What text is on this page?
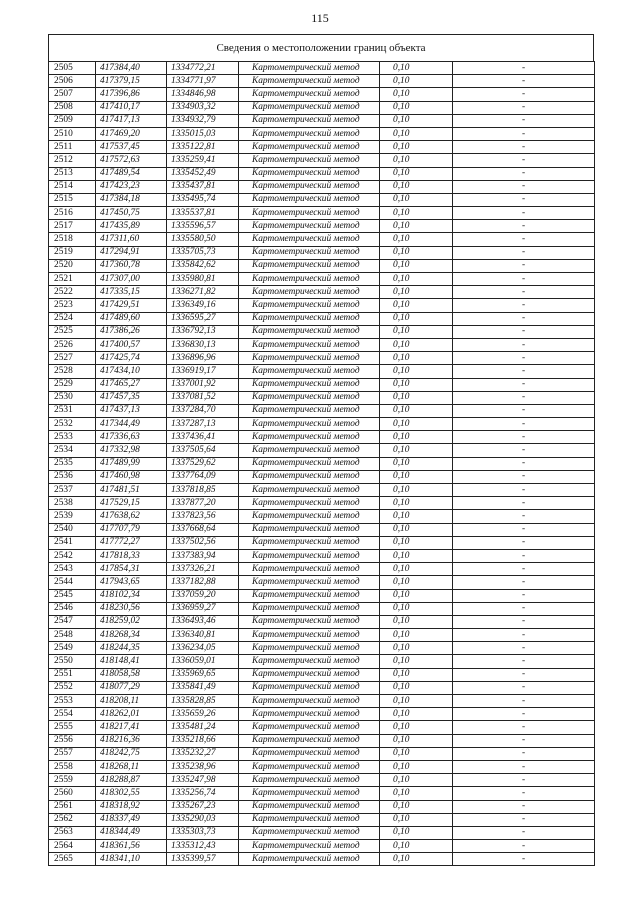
115
Сведения о местоположении границ объекта
2505	417384,40	1334772,21	Картометрический метод	0,10	-
2506	417379,15	1334771,97	Картометрический метод	0,10	-
2507	417396,86	1334846,98	Картометрический метод	0,10	-
2508	417410,17	1334903,32	Картометрический метод	0,10	-
2509	417417,13	1334932,79	Картометрический метод	0,10	-
2510	417469,20	1335015,03	Картометрический метод	0,10	-
2511	417537,45	1335122,81	Картометрический метод	0,10	-
2512	417572,63	1335259,41	Картометрический метод	0,10	-
2513	417489,54	1335452,49	Картометрический метод	0,10	-
2514	417423,23	1335437,81	Картометрический метод	0,10	-
2515	417384,18	1335495,74	Картометрический метод	0,10	-
2516	417450,75	1335537,81	Картометрический метод	0,10	-
2517	417435,89	1335596,57	Картометрический метод	0,10	-
2518	417311,60	1335580,50	Картометрический метод	0,10	-
2519	417294,91	1335705,73	Картометрический метод	0,10	-
2520	417360,78	1335842,62	Картометрический метод	0,10	-
2521	417307,00	1335980,81	Картометрический метод	0,10	-
2522	417335,15	1336271,82	Картометрический метод	0,10	-
2523	417429,51	1336349,16	Картометрический метод	0,10	-
2524	417489,60	1336595,27	Картометрический метод	0,10	-
2525	417386,26	1336792,13	Картометрический метод	0,10	-
2526	417400,57	1336830,13	Картометрический метод	0,10	-
2527	417425,74	1336896,96	Картометрический метод	0,10	-
2528	417434,10	1336919,17	Картометрический метод	0,10	-
2529	417465,27	1337001,92	Картометрический метод	0,10	-
2530	417457,35	1337081,52	Картометрический метод	0,10	-
2531	417437,13	1337284,70	Картометрический метод	0,10	-
2532	417344,49	1337287,13	Картометрический метод	0,10	-
2533	417336,63	1337436,41	Картометрический метод	0,10	-
2534	417332,98	1337505,64	Картометрический метод	0,10	-
2535	417489,99	1337529,62	Картометрический метод	0,10	-
2536	417460,98	1337764,09	Картометрический метод	0,10	-
2537	417481,51	1337818,85	Картометрический метод	0,10	-
2538	417529,15	1337877,20	Картометрический метод	0,10	-
2539	417638,62	1337823,56	Картометрический метод	0,10	-
2540	417707,79	1337668,64	Картометрический метод	0,10	-
2541	417772,27	1337502,56	Картометрический метод	0,10	-
2542	417818,33	1337383,94	Картометрический метод	0,10	-
2543	417854,31	1337326,21	Картометрический метод	0,10	-
2544	417943,65	1337182,88	Картометрический метод	0,10	-
2545	418102,34	1337059,20	Картометрический метод	0,10	-
2546	418230,56	1336959,27	Картометрический метод	0,10	-
2547	418259,02	1336493,46	Картометрический метод	0,10	-
2548	418268,34	1336340,81	Картометрический метод	0,10	-
2549	418244,35	1336234,05	Картометрический метод	0,10	-
2550	418148,41	1336059,01	Картометрический метод	0,10	-
2551	418058,58	1335969,65	Картометрический метод	0,10	-
2552	418077,29	1335841,49	Картометрический метод	0,10	-
2553	418208,11	1335828,85	Картометрический метод	0,10	-
2554	418262,01	1335659,26	Картометрический метод	0,10	-
2555	418217,41	1335481,24	Картометрический метод	0,10	-
2556	418216,36	1335218,66	Картометрический метод	0,10	-
2557	418242,75	1335232,27	Картометрический метод	0,10	-
2558	418268,11	1335238,96	Картометрический метод	0,10	-
2559	418288,87	1335247,98	Картометрический метод	0,10	-
2560	418302,55	1335256,74	Картометрический метод	0,10	-
2561	418318,92	1335267,23	Картометрический метод	0,10	-
2562	418337,49	1335290,03	Картометрический метод	0,10	-
2563	418344,49	1335303,73	Картометрический метод	0,10	-
2564	418361,56	1335312,43	Картометрический метод	0,10	-
2565	418341,10	1335399,57	Картометрический метод	0,10	-
